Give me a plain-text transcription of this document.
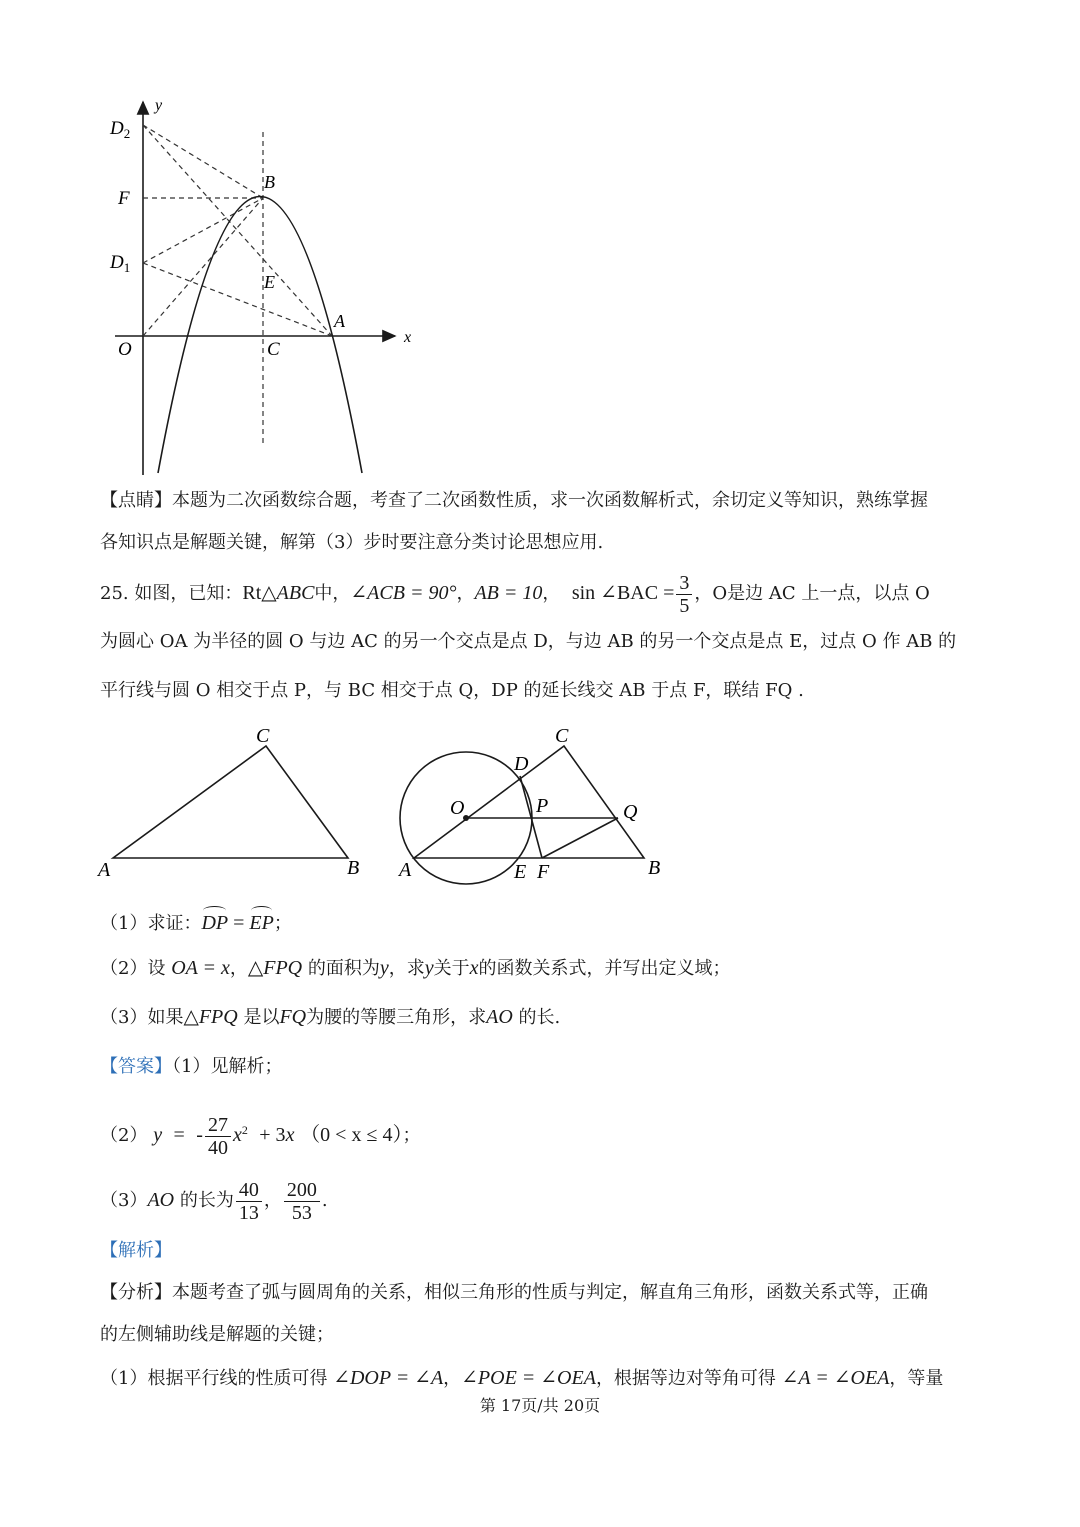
y
x
$D_2$
F
$D_1$
B
E
A
O	C
【点睛】本题为二次函数综合题，考查了二次函数性质，求一次函数解析式，余切定义等知识，熟练掌握
各知识点是解题关键，解第（3）步时要注意分类讨论思想应用.
25. 如图，已知：Rt△ABC中，∠ACB = 90°，AB = 10， sin ∠BAC = $\frac{3}{5}$ ，O是边 AC 上一点，以点 O
为圆心 OA 为半径的圆 O 与边 AC 的另一个交点是点 D，与边 AB 的另一个交点是点 E，过点 O 作 AB 的
平行线与圆 O 相交于点 P，与 BC 相交于点 Q，DP 的延长线交 AB 于点 F，联结 FQ .
A	B
C	C
D
O	P	Q
A	E F	B
（1）求证：DP = EP；
（2）设 OA = x，△FPQ 的面积为y，求y关于x的函数关系式，并写出定义域；
（3）如果△FPQ 是以FQ为腰的等腰三角形，求AO 的长.
【答案】（1）见解析；
（2） y = - $\frac{27}{40} x^2 + 3x$ （0 < x ≤ 4）；
（3）AO 的长为 $\frac{40}{13}$ ， $\frac{200}{53}$ .
【解析】
【分析】本题考查了弧与圆周角的关系，相似三角形的性质与判定，解直角三角形，函数关系式等，正确
的左侧辅助线是解题的关键；
（1）根据平行线的性质可得 ∠DOP = ∠A，∠POE = ∠OEA，根据等边对等角可得 ∠A = ∠OEA，等量
第 17页/共 20页
